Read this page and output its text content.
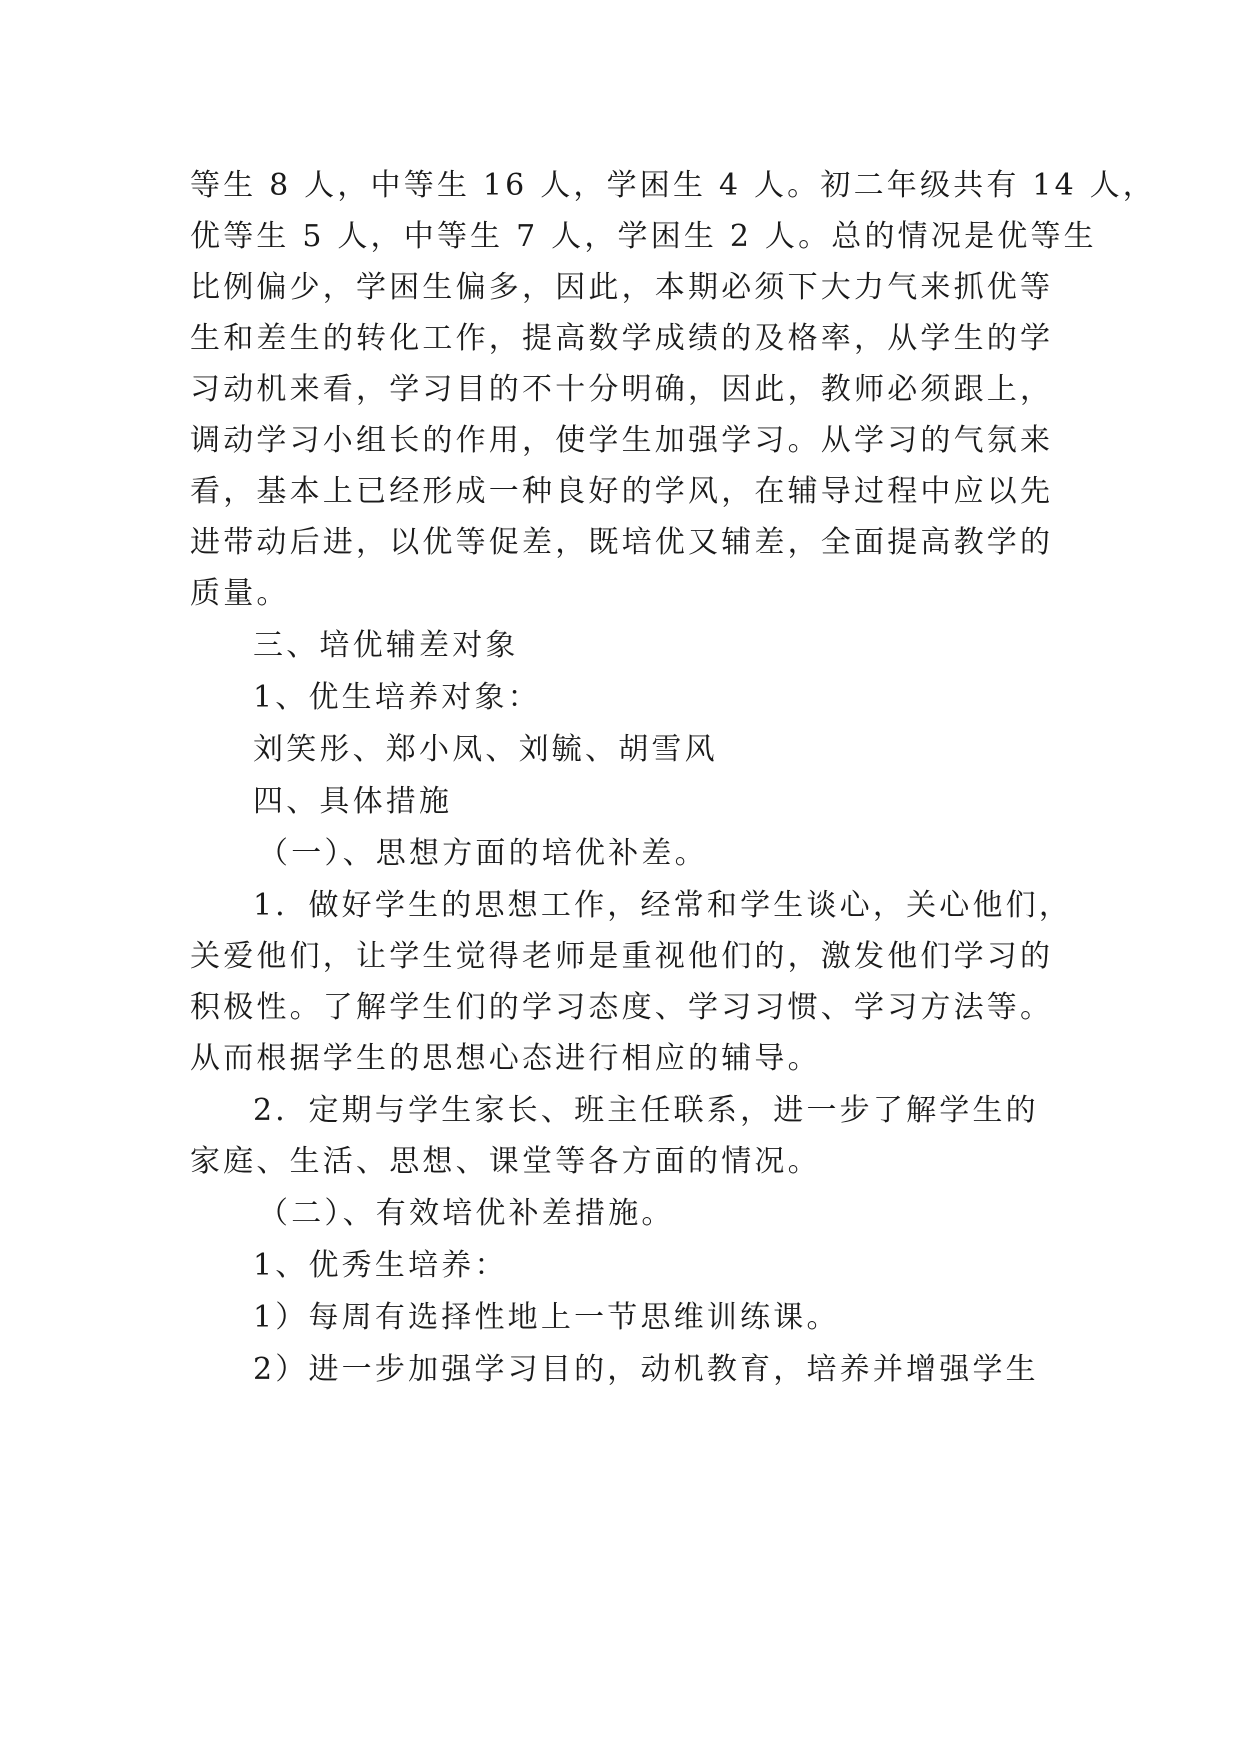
等生 8 人，中等生 16 人，学困生 4 人。初二年级共有 14 人，
优等生 5 人，中等生 7 人，学困生 2 人。总的情况是优等生
比例偏少，学困生偏多，因此，本期必须下大力气来抓优等
生和差生的转化工作，提高数学成绩的及格率，从学生的学
习动机来看，学习目的不十分明确，因此，教师必须跟上，
调动学习小组长的作用，使学生加强学习。从学习的气氛来
看，基本上已经形成一种良好的学风，在辅导过程中应以先
进带动后进，以优等促差，既培优又辅差，全面提高教学的
质量。
三、培优辅差对象
1、优生培养对象：
刘笑彤、郑小凤、刘毓、胡雪风
四、具体措施
（一）、思想方面的培优补差。
1．做好学生的思想工作，经常和学生谈心，关心他们，
关爱他们，让学生觉得老师是重视他们的，激发他们学习的
积极性。了解学生们的学习态度、学习习惯、学习方法等。
从而根据学生的思想心态进行相应的辅导。
2．定期与学生家长、班主任联系，进一步了解学生的
家庭、生活、思想、课堂等各方面的情况。
（二）、有效培优补差措施。
1、优秀生培养：
1）每周有选择性地上一节思维训练课。
2）进一步加强学习目的，动机教育，培养并增强学生
